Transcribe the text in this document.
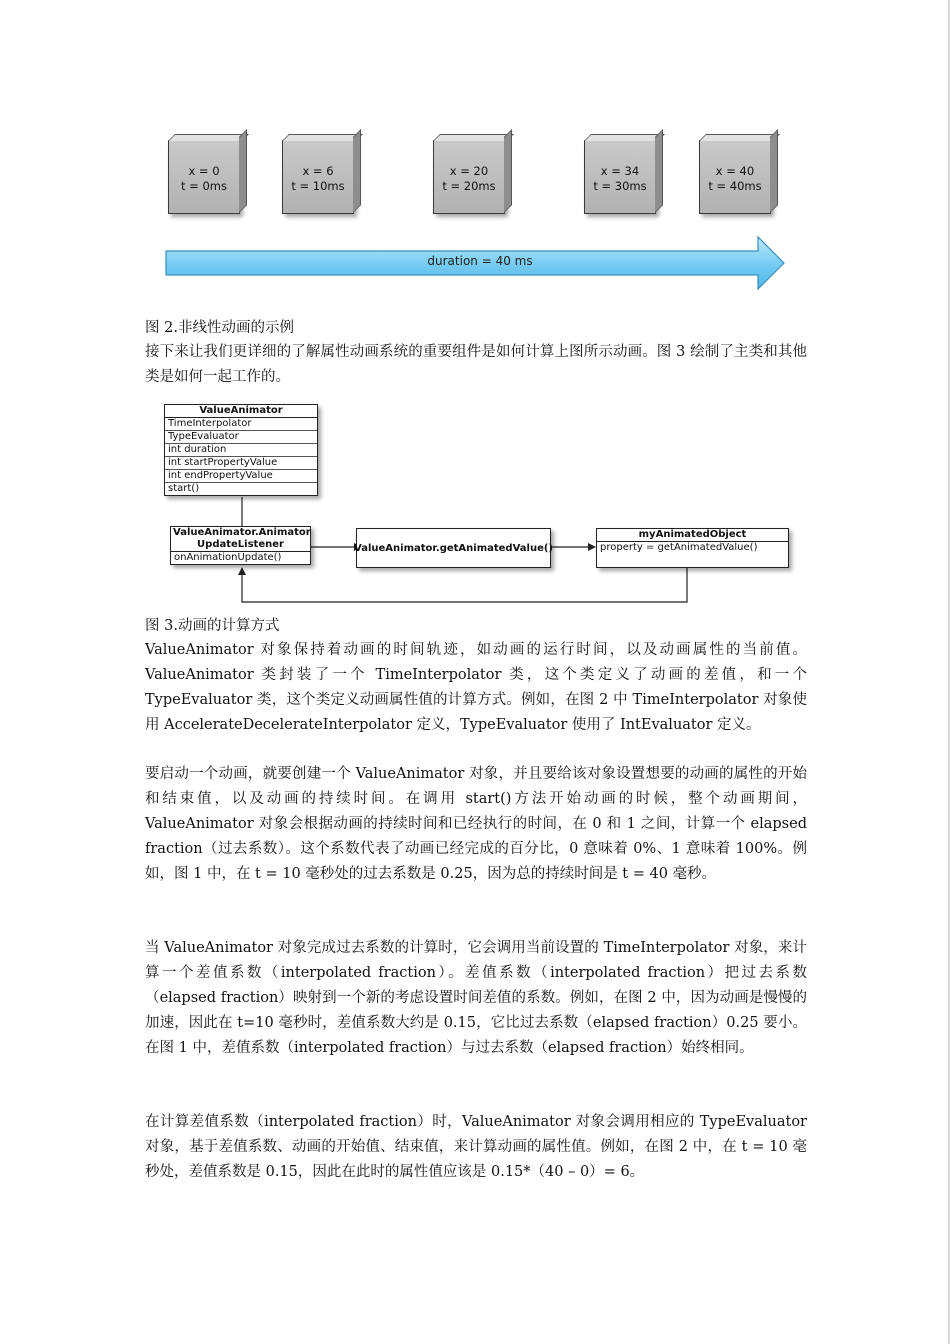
x = 0
t = 0ms
x = 6
t = 10ms
x = 20
t = 20ms
x = 34
t = 30ms
x = 40
t = 40ms
duration = 40 ms
图 2.非线性动画的示例
接下来让我们更详细的了解属性动画系统的重要组件是如何计算上图所示动画。图 3 绘制了主类和其他类是如何一起工作的。
ValueAnimator
TimeInterpolator
TypeEvaluator
int duration
int startPropertyValue
int endPropertyValue
start()
ValueAnimator.Animator
UpdateListener
onAnimationUpdate()
ValueAnimator.getAnimatedValue()
myAnimatedObject
property = getAnimatedValue()
图 3.动画的计算方式
ValueAnimator 对象保持着动画的时间轨迹，如动画的运行时间，以及动画属性的当前值。ValueAnimator 类封装了一个 TimeInterpolator 类，这个类定义了动画的差值，和一个TypeEvaluator 类，这个类定义动画属性值的计算方式。例如，在图 2 中 TimeInterpolator 对象使用 AccelerateDecelerateInterpolator 定义，TypeEvaluator 使用了 IntEvaluator 定义。
要启动一个动画，就要创建一个 ValueAnimator 对象，并且要给该对象设置想要的动画的属性的开始和结束值，以及动画的持续时间。在调用 start()方法开始动画的时候，整个动画期间，ValueAnimator 对象会根据动画的持续时间和已经执行的时间，在 0 和 1 之间，计算一个 elapsed fraction（过去系数）。这个系数代表了动画已经完成的百分比，0 意味着 0%、1 意味着 100%。例如，图 1 中，在 t = 10 毫秒处的过去系数是 0.25，因为总的持续时间是 t = 40 毫秒。
当 ValueAnimator 对象完成过去系数的计算时，它会调用当前设置的 TimeInterpolator 对象，来计算一个差值系数（interpolated fraction）。差值系数（interpolated fraction）把过去系数（elapsed fraction）映射到一个新的考虑设置时间差值的系数。例如，在图 2 中，因为动画是慢慢的加速，因此在 t=10 毫秒时，差值系数大约是 0.15，它比过去系数（elapsed fraction）0.25 要小。在图 1 中，差值系数（interpolated fraction）与过去系数（elapsed fraction）始终相同。
在计算差值系数（interpolated fraction）时，ValueAnimator 对象会调用相应的 TypeEvaluator 对象，基于差值系数、动画的开始值、结束值，来计算动画的属性值。例如，在图 2 中，在 t = 10 毫秒处，差值系数是 0.15，因此在此时的属性值应该是 0.15*（40 – 0）= 6。
